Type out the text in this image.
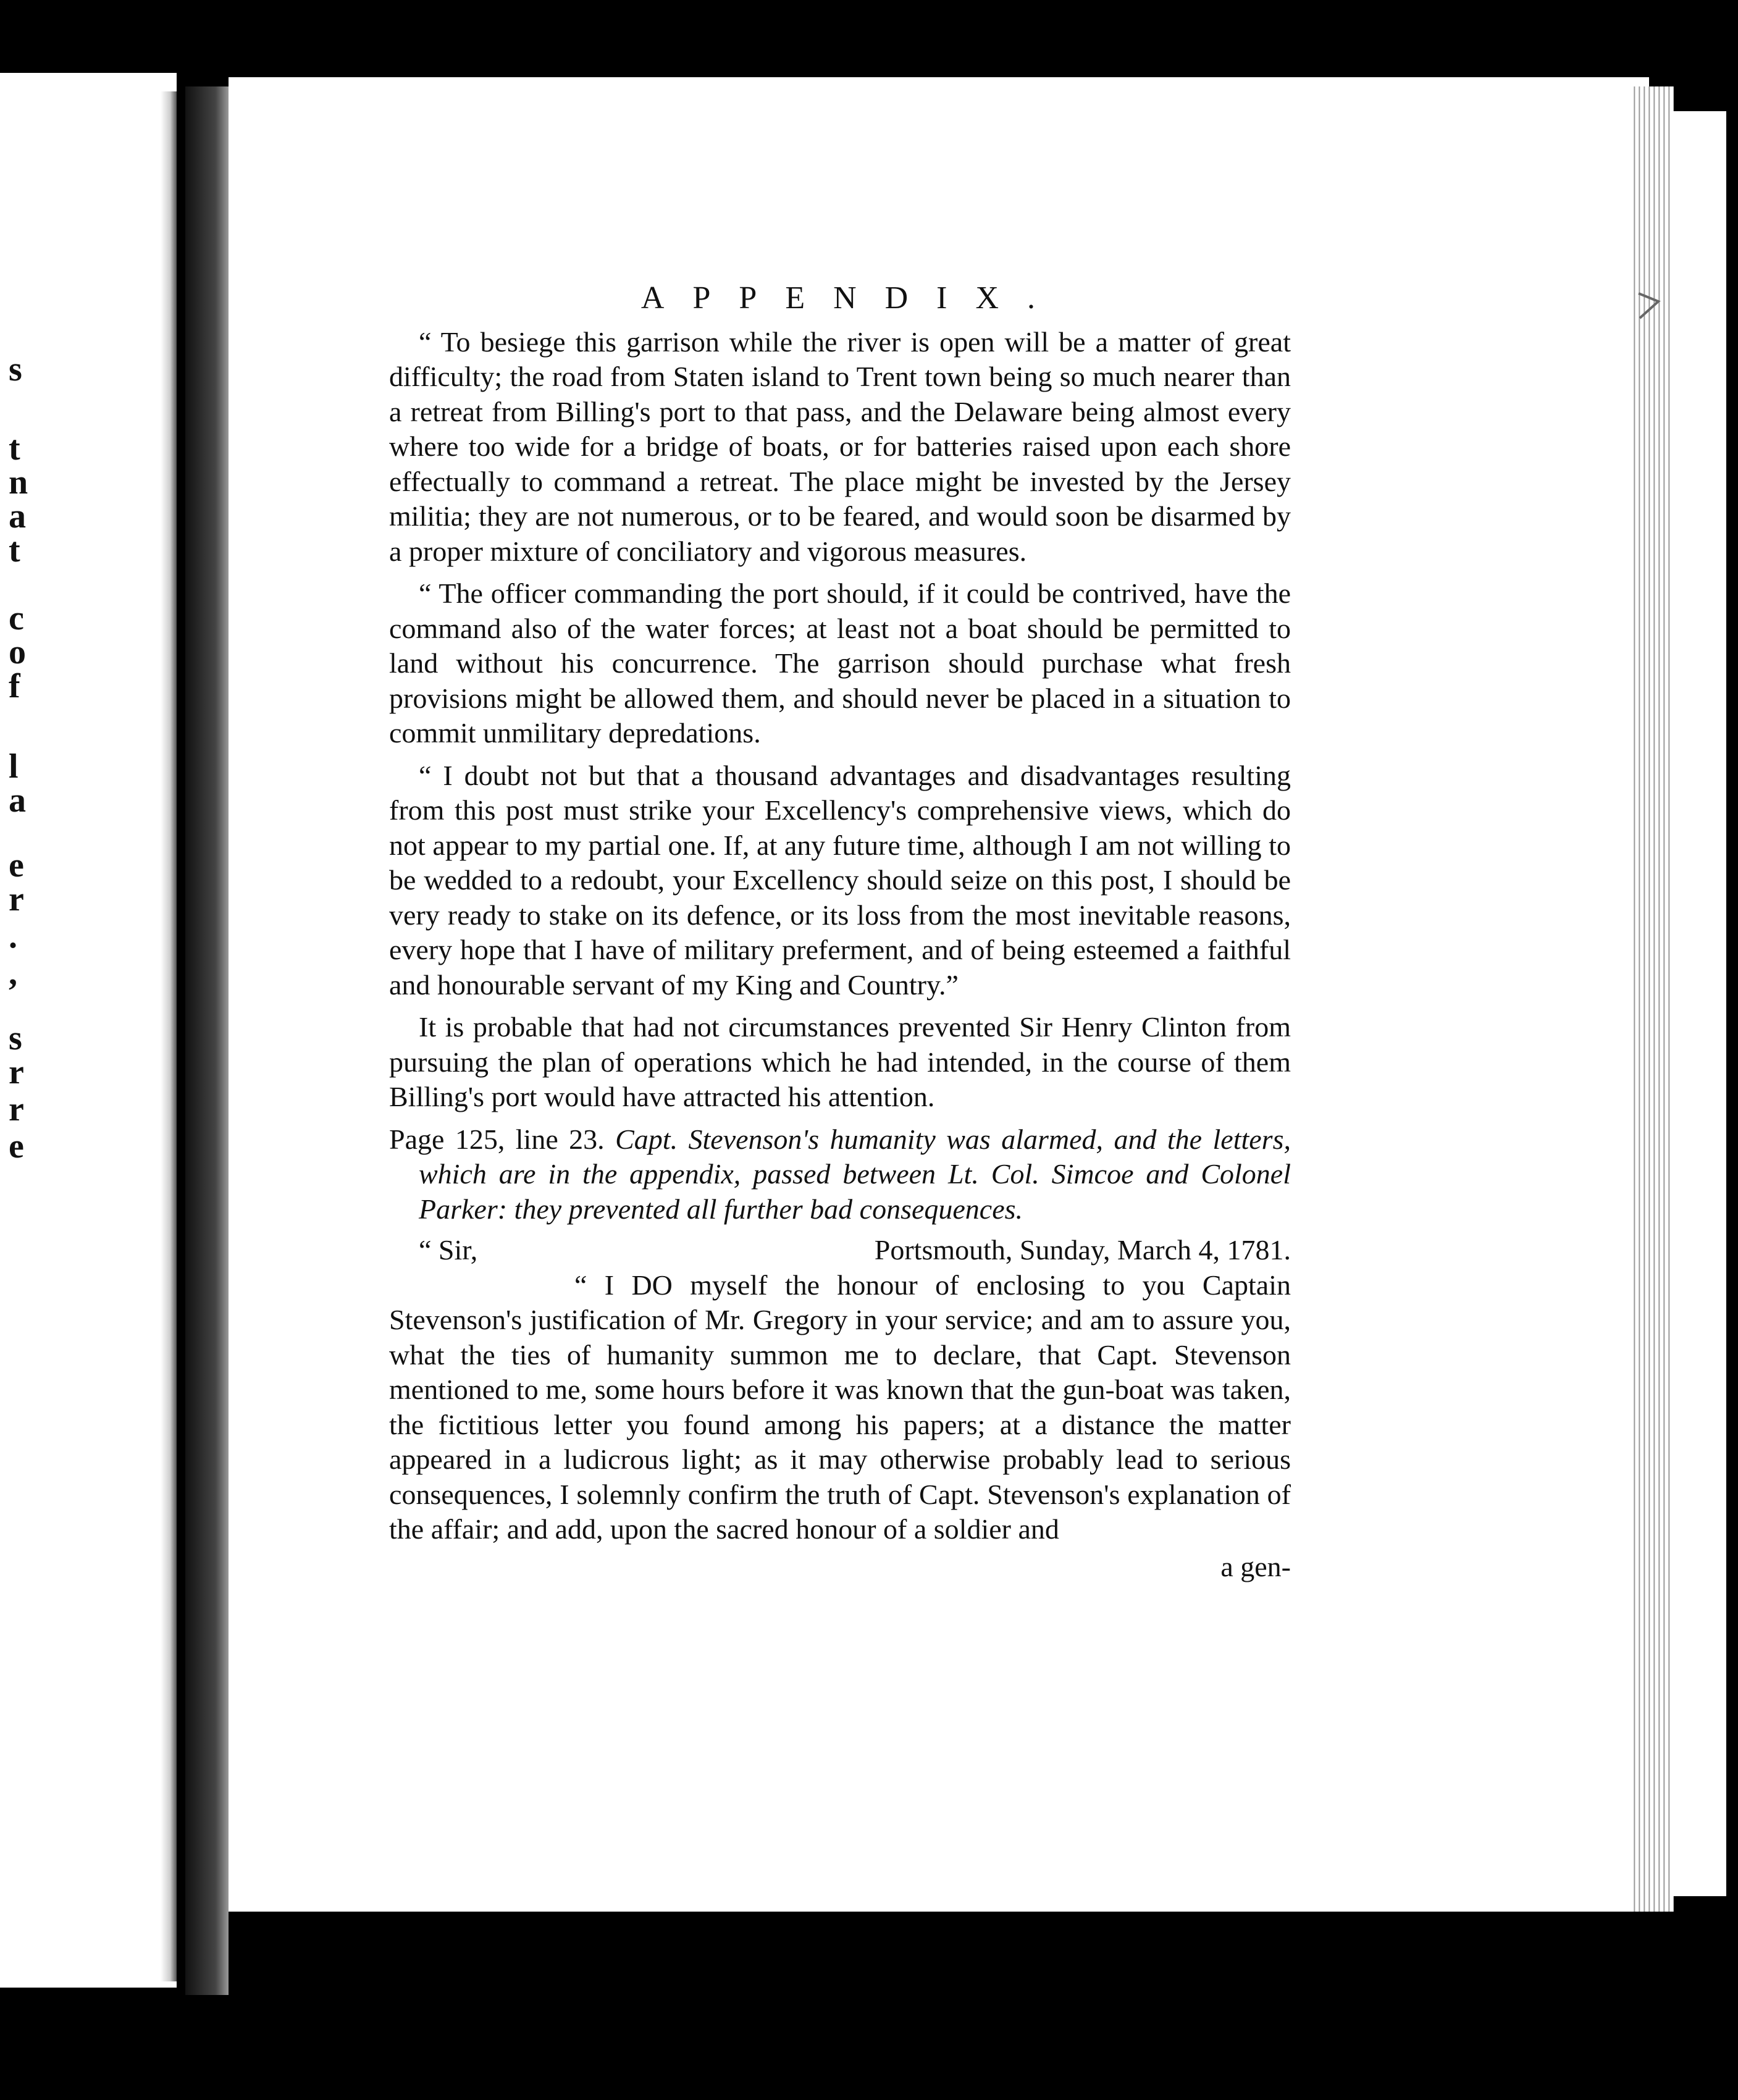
s
t
n
a
t
c
o
f
l
a
e
r
.
,
s
r
r
e
APPENDIX.

“ To besiege this garrison while the river is open will be a matter of great difficulty; the road from Staten island to Trent town being so much nearer than a retreat from Billing's port to that pass, and the Delaware being almost every where too wide for a bridge of boats, or for batteries raised upon each shore effectually to command a retreat. The place might be invested by the Jersey militia; they are not numerous, or to be feared, and would soon be disarmed by a proper mixture of conciliatory and vigorous measures.

“ The officer commanding the port should, if it could be contrived, have the command also of the water forces; at least not a boat should be permitted to land without his concurrence. The garrison should purchase what fresh provisions might be allowed them, and should never be placed in a situation to commit unmilitary depredations.

“ I doubt not but that a thousand advantages and disadvantages resulting from this post must strike your Excellency's comprehensive views, which do not appear to my partial one. If, at any future time, although I am not willing to be wedded to a redoubt, your Excellency should seize on this post, I should be very ready to stake on its defence, or its loss from the most inevitable reasons, every hope that I have of military preferment, and of being esteemed a faithful and honourable servant of my King and Country.”

It is probable that had not circumstances prevented Sir Henry Clinton from pursuing the plan of operations which he had intended, in the course of them Billing's port would have attracted his attention.

Page 125, line 23. Capt. Stevenson's humanity was alarmed, and the letters, which are in the appendix, passed between Lt. Col. Simcoe and Colonel Parker: they prevented all further bad consequences.

“ Sir,	Portsmouth, Sunday, March 4, 1781.

“ I DO myself the honour of enclosing to you Captain Stevenson's justification of Mr. Gregory in your service; and am to assure you, what the ties of humanity summon me to declare, that Capt. Stevenson mentioned to me, some hours before it was known that the gun-boat was taken, the fictitious letter you found among his papers; at a distance the matter appeared in a ludicrous light; as it may otherwise probably lead to serious consequences, I solemnly confirm the truth of Capt. Stevenson's explanation of the affair; and add, upon the sacred honour of a soldier and

a gen-
